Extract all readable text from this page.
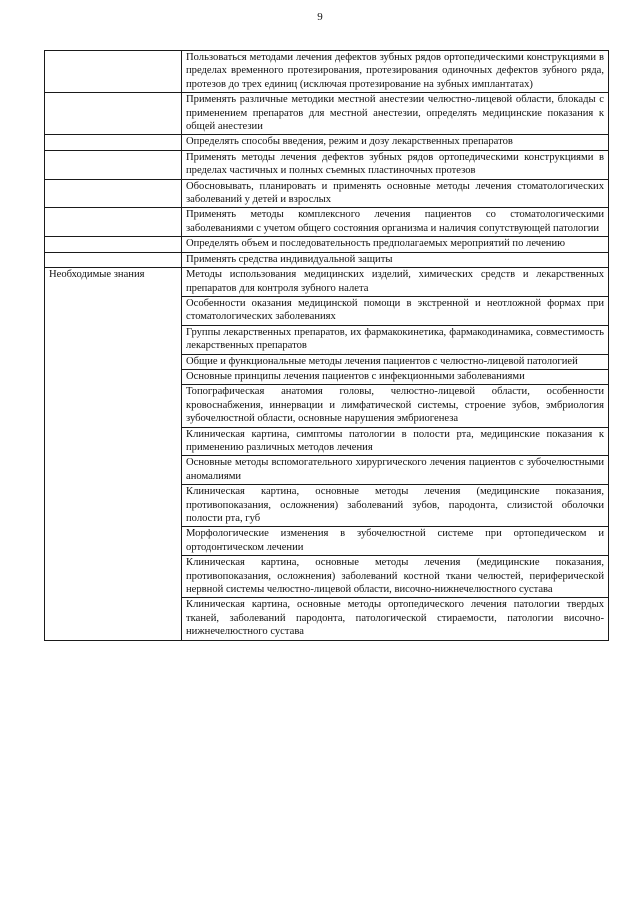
9

	Пользоваться методами лечения дефектов зубных рядов ортопедическими конструкциями в пределах временного протезирования, протезирования одиночных дефектов зубного ряда, протезов до трех единиц (исключая протезирование на зубных имплантатах)

	Применять различные методики местной анестезии челюстно-лицевой области, блокады с применением препаратов для местной анестезии, определять медицинские показания к общей анестезии

	Определять способы введения, режим и дозу лекарственных препаратов

	Применять методы лечения дефектов зубных рядов ортопедическими конструкциями в пределах частичных и полных съемных пластиночных протезов

	Обосновывать, планировать и применять основные методы лечения стоматологических заболеваний у детей и взрослых

	Применять методы комплексного лечения пациентов со стоматологическими заболеваниями с учетом общего состояния организма и наличия сопутствующей патологии

	Определять объем и последовательность предполагаемых мероприятий по лечению

	Применять средства индивидуальной защиты

Необходимые знания	Методы использования медицинских изделий, химических средств и лекарственных препаратов для контроля зубного налета

	Особенности оказания медицинской помощи в экстренной и неотложной формах при стоматологических заболеваниях

	Группы лекарственных препаратов, их фармакокинетика, фармакодинамика, совместимость лекарственных препаратов

	Общие и функциональные методы лечения пациентов с челюстно-лицевой патологией

	Основные принципы лечения пациентов с инфекционными заболеваниями

	Топографическая анатомия головы, челюстно-лицевой области, особенности кровоснабжения, иннервации и лимфатической системы, строение зубов, эмбриология зубочелюстной области, основные нарушения эмбриогенеза

	Клиническая картина, симптомы патологии в полости рта, медицинские показания к применению различных методов лечения

	Основные методы вспомогательного хирургического лечения пациентов с зубочелюстными аномалиями

	Клиническая картина, основные методы лечения (медицинские показания, противопоказания, осложнения) заболеваний зубов, пародонта, слизистой оболочки полости рта, губ

	Морфологические изменения в зубочелюстной системе при ортопедическом и ортодонтическом лечении

	Клиническая картина, основные методы лечения (медицинские показания, противопоказания, осложнения) заболеваний костной ткани челюстей, периферической нервной системы челюстно-лицевой области, височно-нижнечелюстного сустава

	Клиническая картина, основные методы ортопедического лечения патологии твердых тканей, заболеваний пародонта, патологической стираемости, патологии височно-нижнечелюстного сустава
